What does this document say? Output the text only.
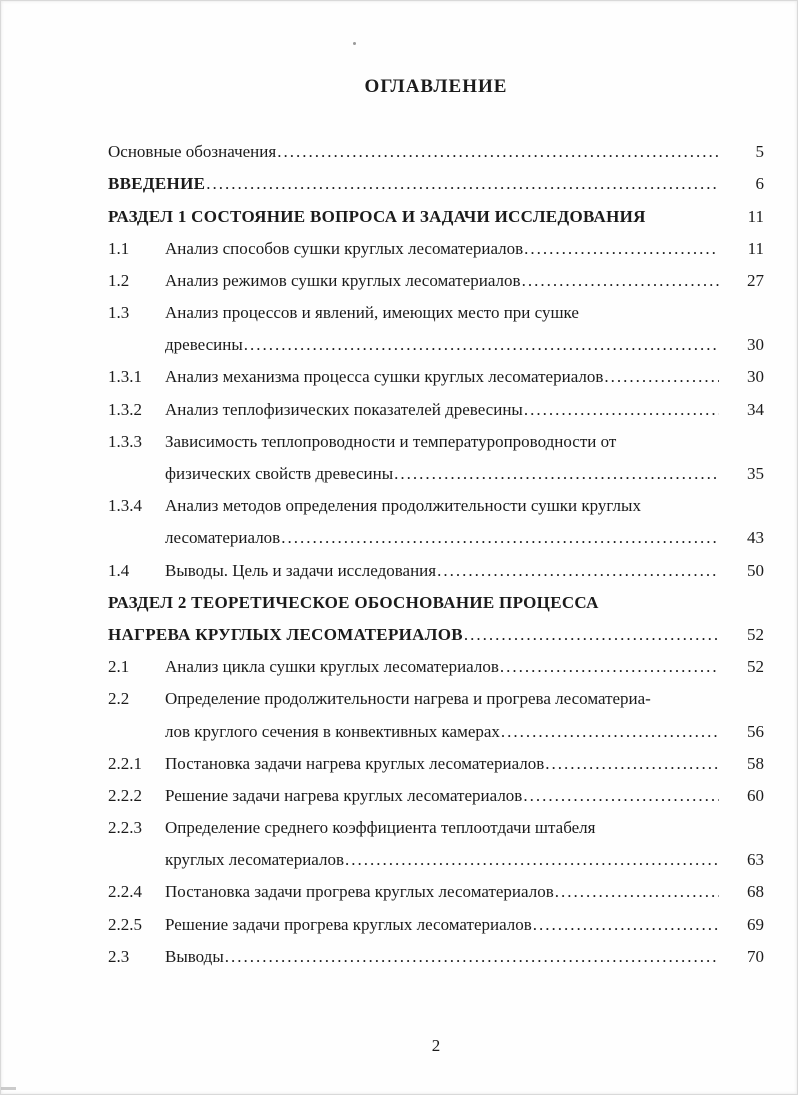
ОГЛАВЛЕНИЕ
Основные обозначения .....	5
ВВЕДЕНИЕ .....	6
РАЗДЕЛ 1 СОСТОЯНИЕ ВОПРОСА И ЗАДАЧИ ИССЛЕДОВАНИЯ	11
1.1	Анализ способов сушки круглых лесоматериалов .....	11
1.2	Анализ режимов сушки круглых лесоматериалов .....	27
1.3	Анализ процессов и явлений, имеющих место при сушке
древесины .....	30
1.3.1	Анализ механизма процесса сушки круглых лесоматериалов .....	30
1.3.2	Анализ теплофизических показателей древесины .....	34
1.3.3	Зависимость теплопроводности и температуропроводности от
физических свойств древесины .....	35
1.3.4	Анализ методов определения продолжительности сушки круглых
лесоматериалов .....	43
1.4	Выводы. Цель и задачи исследования .....	50
РАЗДЕЛ 2 ТЕОРЕТИЧЕСКОЕ ОБОСНОВАНИЕ ПРОЦЕССА
НАГРЕВА КРУГЛЫХ ЛЕСОМАТЕРИАЛОВ .....	52
2.1	Анализ цикла сушки круглых лесоматериалов .....	52
2.2	Определение продолжительности нагрева и прогрева лесоматериа-
лов круглого сечения в конвективных камерах .....	56
2.2.1	Постановка задачи нагрева круглых лесоматериалов .....	58
2.2.2	Решение задачи нагрева круглых лесоматериалов .....	60
2.2.3	Определение среднего коэффициента теплоотдачи штабеля
круглых лесоматериалов .....	63
2.2.4	Постановка задачи прогрева круглых лесоматериалов .....	68
2.2.5	Решение задачи прогрева круглых лесоматериалов .....	69
2.3	Выводы .....	70
2
